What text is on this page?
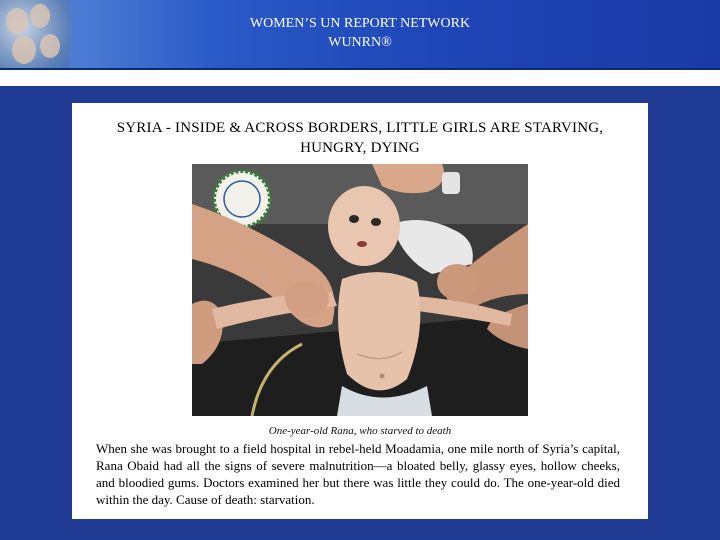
WOMEN’S UN REPORT NETWORK
WUNRN®
SYRIA - INSIDE & ACROSS BORDERS, LITTLE GIRLS ARE STARVING,
HUNGRY, DYING
One-year-old Rana, who starved to death
When she was brought to a field hospital in rebel-held Moadamia, one mile north of Syria’s capital, Rana Obaid had all the signs of severe malnutrition—a bloated belly, glassy eyes, hollow cheeks, and bloodied gums. Doctors examined her but there was little they could do. The one-year-old died within the day. Cause of death: starvation.
